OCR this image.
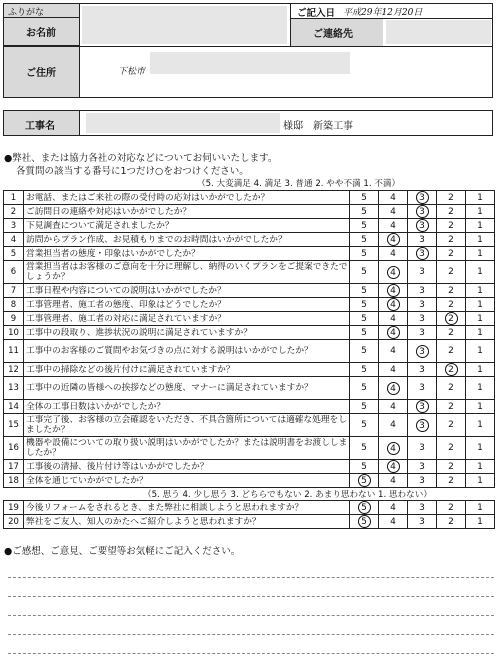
ふりがな
お名前
ご記入日 平成29年12月20日
ご連絡先
ご住所	下松市
工事名	様邸　新築工事
●弊社、または協力各社の対応などについてお伺いいたします。
各質問の該当する番号に1つだけ○をおつけください。
（5. 大変満足 4. 満足 3. 普通 2. やや不満 1. 不満）
1	お電話、またはご来社の際の受付時の応対はいかがでしたか？	5	4	3	2	1
2	ご訪問日の連絡や対応はいかがでしたか？	5	4	3	2	1
3	下見調査について満足されましたか？	5	4	3	2	1
4	訪問からプラン作成、お見積もりまでのお時間はいかがでしたか？	5	4	3	2	1
5	営業担当者の態度・印象はいかがでしたか？	5	4	3	2	1
6	営業担当者はお客様のご意向を十分に理解し、納得のいくプランをご提案できたでしょうか？	5	4	3	2	1
7	工事日程や内容についての説明はいかがでしたか？	5	4	3	2	1
8	工事管理者、施工者の態度、印象はどうでしたか？	5	4	3	2	1
9	工事管理者、施工者の対応に満足されていますか？	5	4	3	2	1
10	工事中の段取り、進捗状況の説明に満足されていますか？	5	4	3	2	1
11	工事中のお客様のご質問やお気づきの点に対する説明はいかがでしたか？	5	4	3	2	1
12	工事中の掃除などの後片付けに満足されていますか？	5	4	3	2	1
13	工事中の近隣の皆様への挨拶などの態度、マナーに満足されていますか？	5	4	3	2	1
14	全体の工事日数はいかがでしたか？	5	4	3	2	1
15	工事完了後、お客様の立会確認をいただき、不具合箇所については適確な処理をしましたか？	5	4	3	2	1
16	機器や設備についての取り扱い説明はいかがでしたか？または説明書をお渡ししましたか？	5	4	3	2	1
17	工事後の清掃、後片付け等はいかがでしたか？	5	4	3	2	1
18	全体を通じていかがでしたか？	5	4	3	2	1
（5. 思う 4. 少し思う 3. どちらでもない 2. あまり思わない 1. 思わない）
19	今後リフォームをされるとき、また弊社に相談しようと思われますか？	5	4	3	2	1
20	弊社をご友人、知人のかたへご紹介しようと思われますか？	5	4	3	2	1
●ご感想、ご意見、ご要望等お気軽にご記入ください。
